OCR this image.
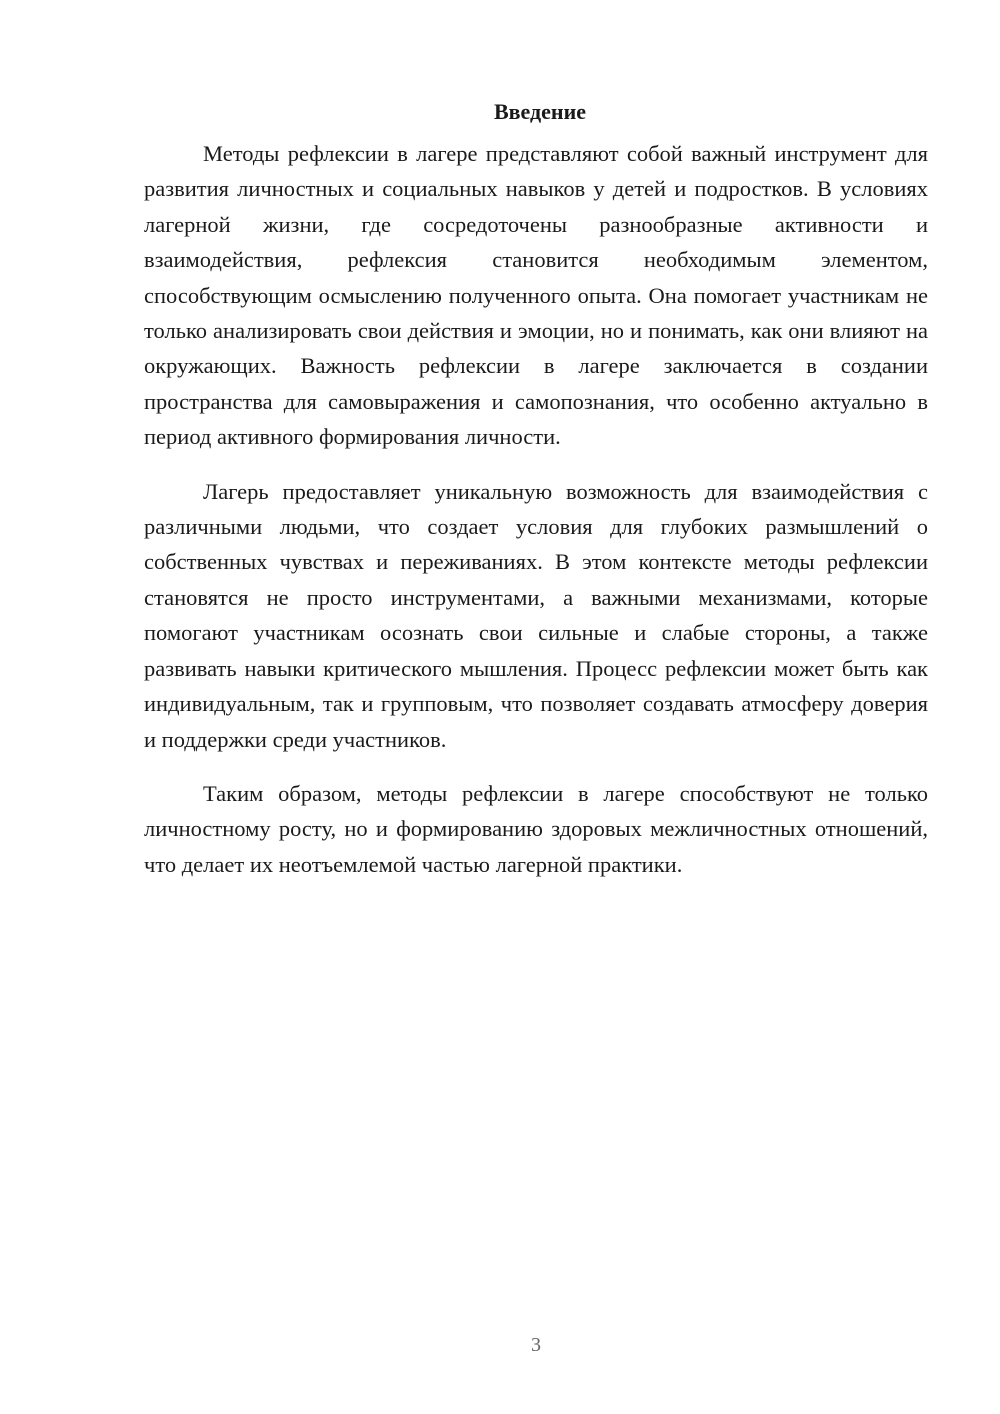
Введение

Методы рефлексии в лагере представляют собой важный инструмент для развития личностных и социальных навыков у детей и подростков. В условиях лагерной жизни, где сосредоточены разнообразные активности и взаимодействия, рефлексия становится необходимым элементом, способствующим осмыслению полученного опыта. Она помогает участникам не только анализировать свои действия и эмоции, но и понимать, как они влияют на окружающих. Важность рефлексии в лагере заключается в создании пространства для самовыражения и самопознания, что особенно актуально в период активного формирования личности.

Лагерь предоставляет уникальную возможность для взаимодействия с различными людьми, что создает условия для глубоких размышлений о собственных чувствах и переживаниях. В этом контексте методы рефлексии становятся не просто инструментами, а важными механизмами, которые помогают участникам осознать свои сильные и слабые стороны, а также развивать навыки критического мышления. Процесс рефлексии может быть как индивидуальным, так и групповым, что позволяет создавать атмосферу доверия и поддержки среди участников.

Таким образом, методы рефлексии в лагере способствуют не только личностному росту, но и формированию здоровых межличностных отношений, что делает их неотъемлемой частью лагерной практики.

3
